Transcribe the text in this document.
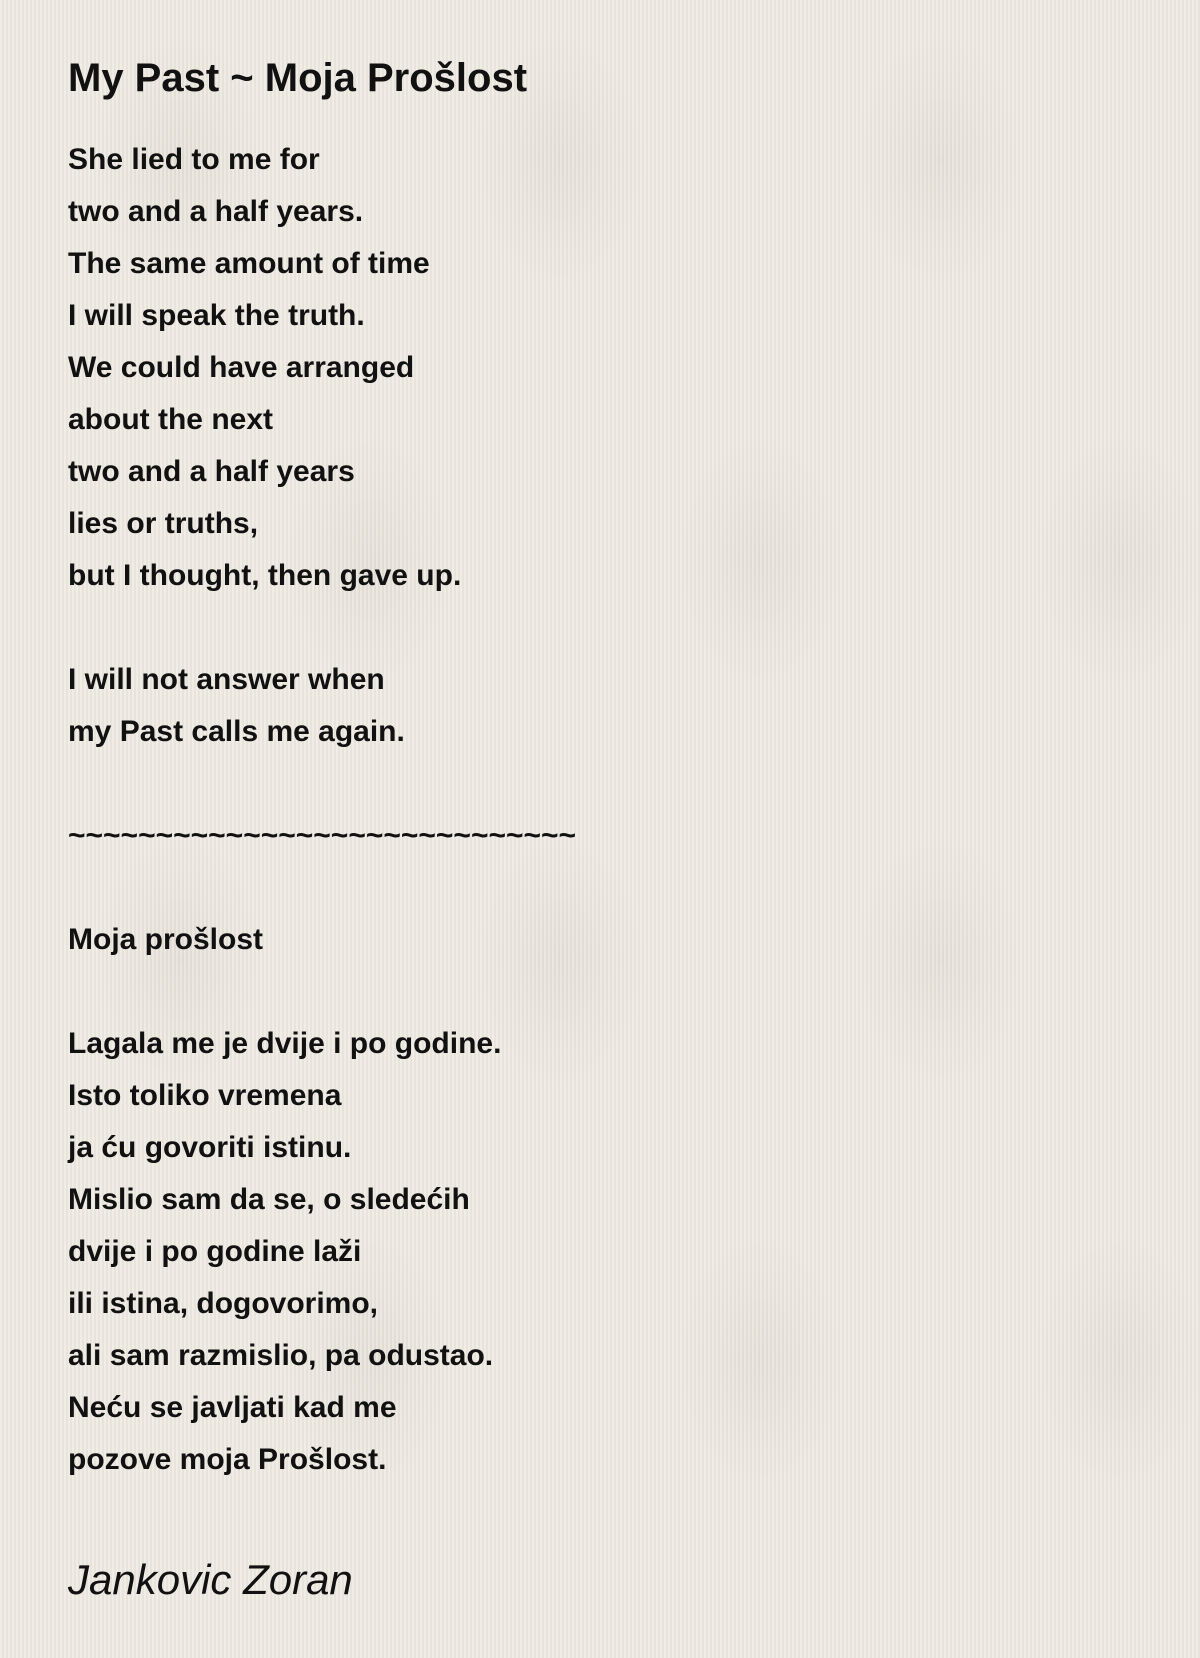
My Past ~ Moja Prošlost
She lied to me for
two and a half years.
The same amount of time
I will speak the truth.
We could have arranged
about the next
two and a half years
lies or truths,
but I thought, then gave up.
I will not answer when
my Past calls me again.
~~~~~~~~~~~~~~~~~~~~~~~~~~~~~
Moja prošlost
Lagala me je dvije i po godine.
Isto toliko vremena
ja ću govoriti istinu.
Mislio sam da se, o sledećih
dvije i po godine laži
ili istina, dogovorimo,
ali sam razmislio, pa odustao.
Neću se javljati kad me
pozove moja Prošlost.
Jankovic Zoran
